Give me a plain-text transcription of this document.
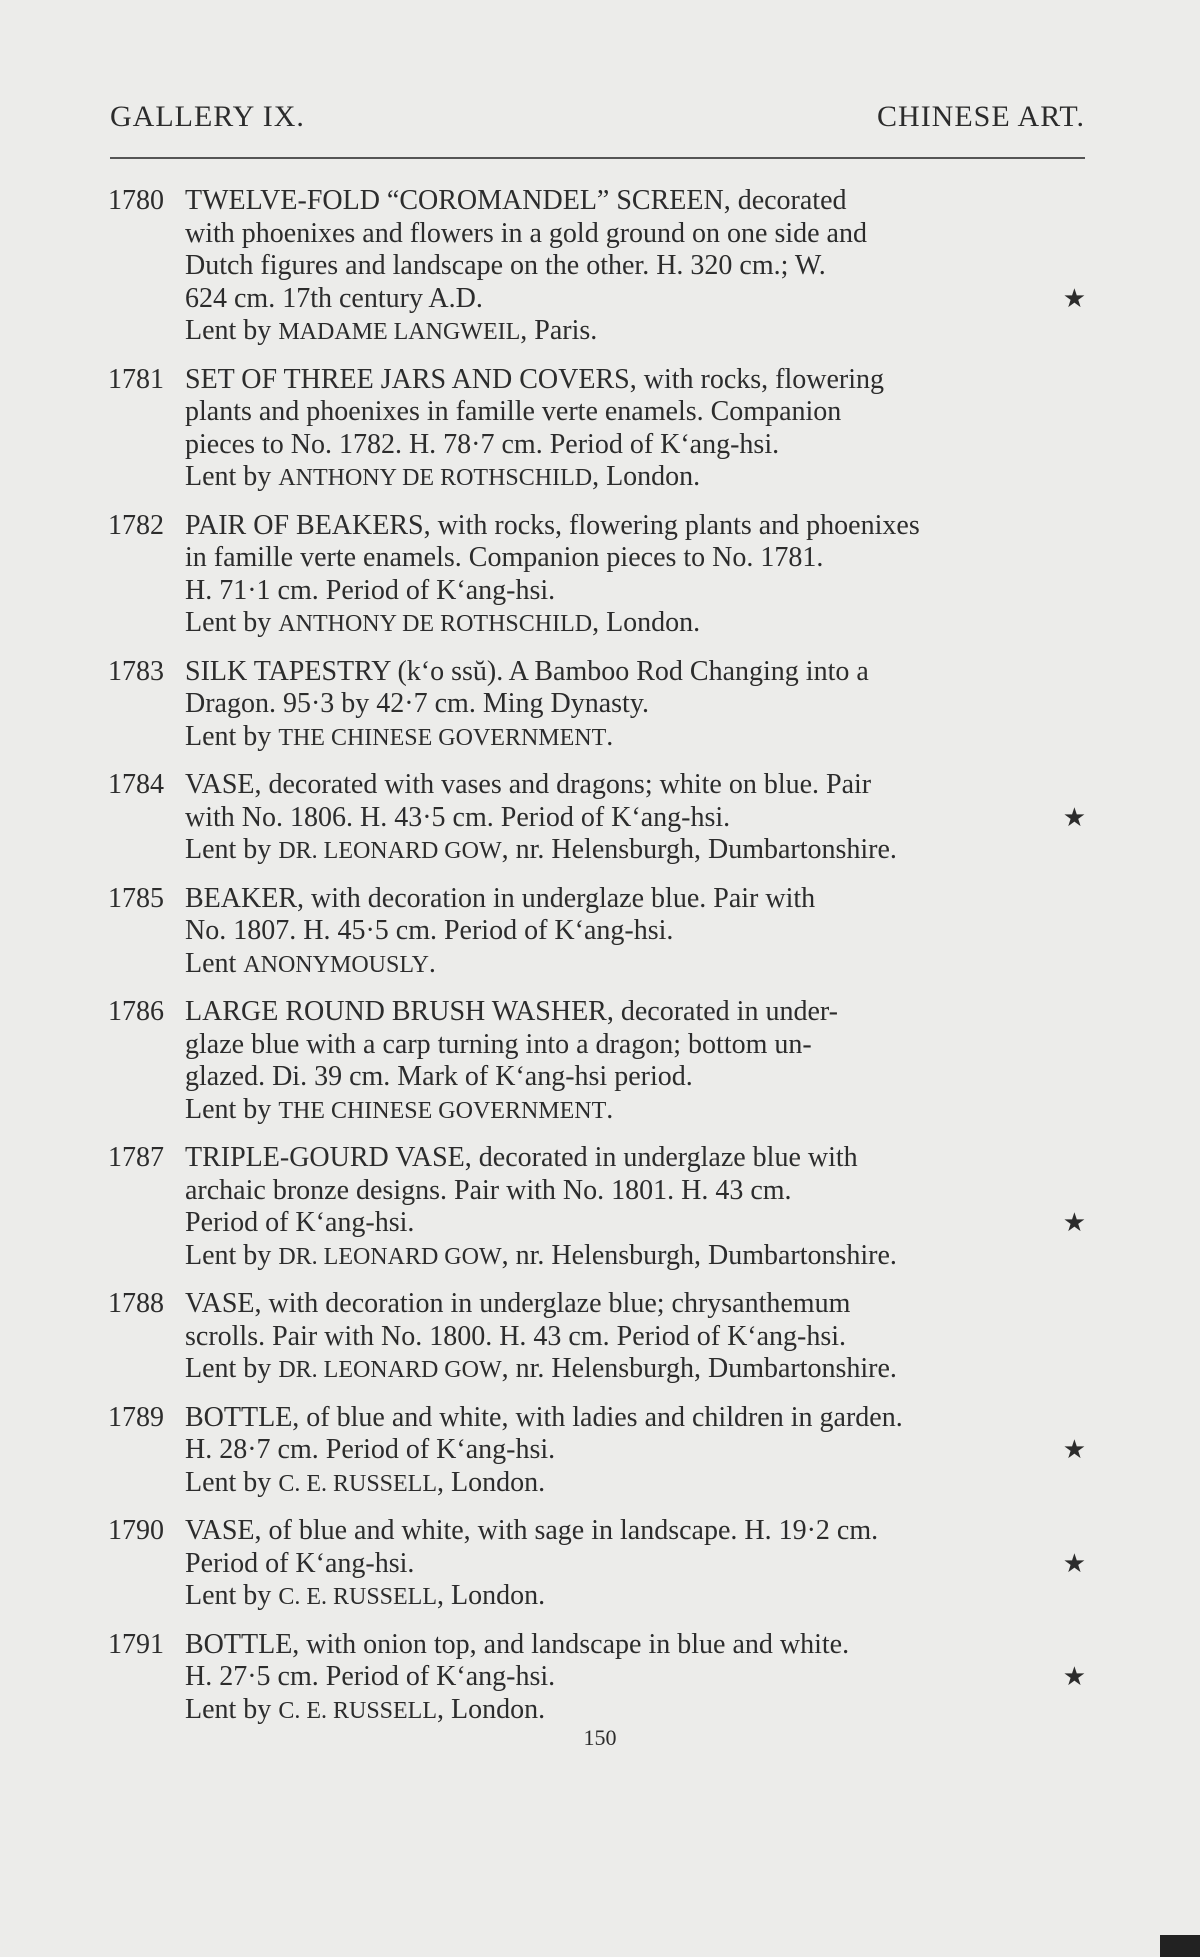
GALLERY IX.	CHINESE ART.
1780 TWELVE-FOLD “COROMANDEL” SCREEN, decorated
with phoenixes and flowers in a gold ground on one side and
Dutch figures and landscape on the other. H. 320 cm.; W.
624 cm. 17th century A.D.	★
Lent by MADAME LANGWEIL, Paris.
1781 SET OF THREE JARS AND COVERS, with rocks, flowering
plants and phoenixes in famille verte enamels. Companion
pieces to No. 1782. H. 78·7 cm. Period of K‘ang-hsi.
Lent by ANTHONY DE ROTHSCHILD, London.
1782 PAIR OF BEAKERS, with rocks, flowering plants and phoenixes
in famille verte enamels. Companion pieces to No. 1781.
H. 71·1 cm. Period of K‘ang-hsi.
Lent by ANTHONY DE ROTHSCHILD, London.
1783 SILK TAPESTRY (k‘o ssŭ). A Bamboo Rod Changing into a
Dragon. 95·3 by 42·7 cm. Ming Dynasty.
Lent by THE CHINESE GOVERNMENT.
1784 VASE, decorated with vases and dragons; white on blue. Pair
with No. 1806. H. 43·5 cm. Period of K‘ang-hsi.	★
Lent by DR. LEONARD GOW, nr. Helensburgh, Dumbartonshire.
1785 BEAKER, with decoration in underglaze blue. Pair with
No. 1807. H. 45·5 cm. Period of K‘ang-hsi.
Lent ANONYMOUSLY.
1786 LARGE ROUND BRUSH WASHER, decorated in under-
glaze blue with a carp turning into a dragon; bottom un-
glazed. Di. 39 cm. Mark of K‘ang-hsi period.
Lent by THE CHINESE GOVERNMENT.
1787 TRIPLE-GOURD VASE, decorated in underglaze blue with
archaic bronze designs. Pair with No. 1801. H. 43 cm.
Period of K‘ang-hsi.	★
Lent by DR. LEONARD GOW, nr. Helensburgh, Dumbartonshire.
1788 VASE, with decoration in underglaze blue; chrysanthemum
scrolls. Pair with No. 1800. H. 43 cm. Period of K‘ang-hsi.
Lent by DR. LEONARD GOW, nr. Helensburgh, Dumbartonshire.
1789 BOTTLE, of blue and white, with ladies and children in garden.
H. 28·7 cm. Period of K‘ang-hsi.	★
Lent by C. E. RUSSELL, London.
1790 VASE, of blue and white, with sage in landscape. H. 19·2 cm.
Period of K‘ang-hsi.	★
Lent by C. E. RUSSELL, London.
1791 BOTTLE, with onion top, and landscape in blue and white.
H. 27·5 cm. Period of K‘ang-hsi.	★
Lent by C. E. RUSSELL, London.
150
